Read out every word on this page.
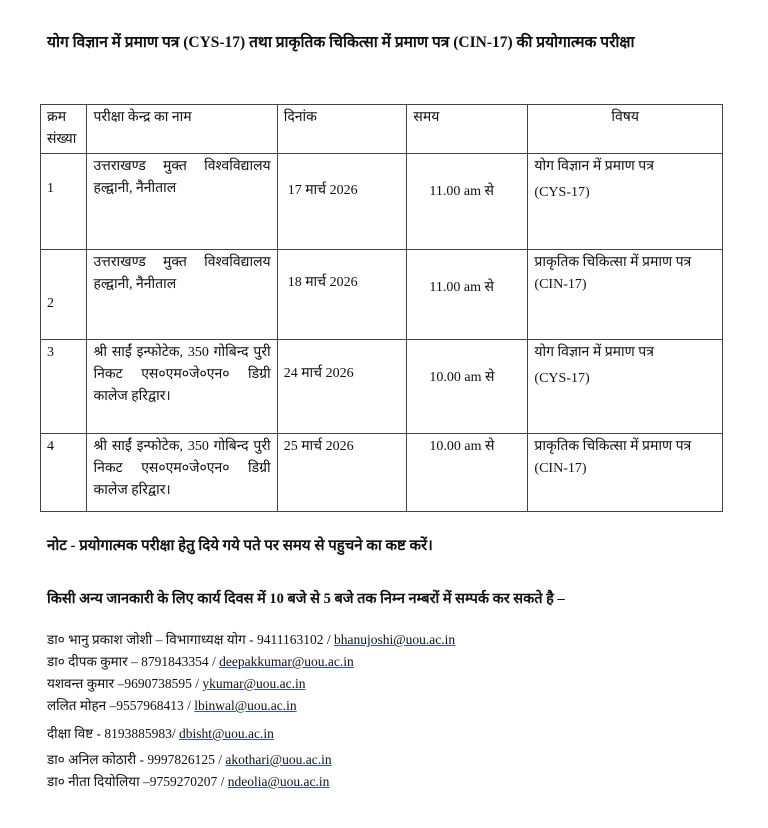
योग विज्ञान में प्रमाण पत्र (CYS-17) तथा प्राकृतिक चिकित्सा में प्रमाण पत्र (CIN-17) की प्रयोगात्मक परीक्षा
क्रम संख्या	परीक्षा केन्द्र का नाम	दिनांक	समय	विषय

1	उत्तराखण्ड मुक्त विश्वविद्यालय हल्द्वानी, नैनीताल	17 मार्च 2026	11.00 am से	योग विज्ञान में प्रमाण पत्र
(CYS-17)

2	उत्तराखण्ड मुक्त विश्वविद्यालय हल्द्वानी, नैनीताल	18 मार्च 2026	11.00 am से	प्राकृतिक चिकित्सा में प्रमाण पत्र
(CIN-17)

3	श्री साईं इन्फोटेक, 350 गोबिन्द पुरी निकट एस०एम०जे०एन० डिग्री कालेज हरिद्वार।	24 मार्च 2026	10.00 am से	योग विज्ञान में प्रमाण पत्र
(CYS-17)

4	श्री साईं इन्फोटेक, 350 गोबिन्द पुरी निकट एस०एम०जे०एन० डिग्री कालेज हरिद्वार।	25 मार्च 2026	10.00 am से	प्राकृतिक चिकित्सा में प्रमाण पत्र
(CIN-17)
नोट - प्रयोगात्मक परीक्षा हेतु दिये गये पते पर समय से पहुचने का कष्ट करें।
किसी अन्य जानकारी के लिए कार्य दिवस में 10 बजे से 5 बजे तक निम्न नम्बरों में सम्पर्क कर सकते है –
डा० भानु प्रकाश जोशी – विभागाध्यक्ष योग - 9411163102 / bhanujoshi@uou.ac.in
डा० दीपक कुमार – 8791843354 / deepakkumar@uou.ac.in
यशवन्त कुमार –9690738595 / ykumar@uou.ac.in
ललित मोहन –9557968413 / lbinwal@uou.ac.in
दीक्षा विष्ट - 8193885983/ dbisht@uou.ac.in
डा० अनिल कोठारी - 9997826125 / akothari@uou.ac.in
डा० नीता दियोलिया –9759270207 / ndeolia@uou.ac.in
